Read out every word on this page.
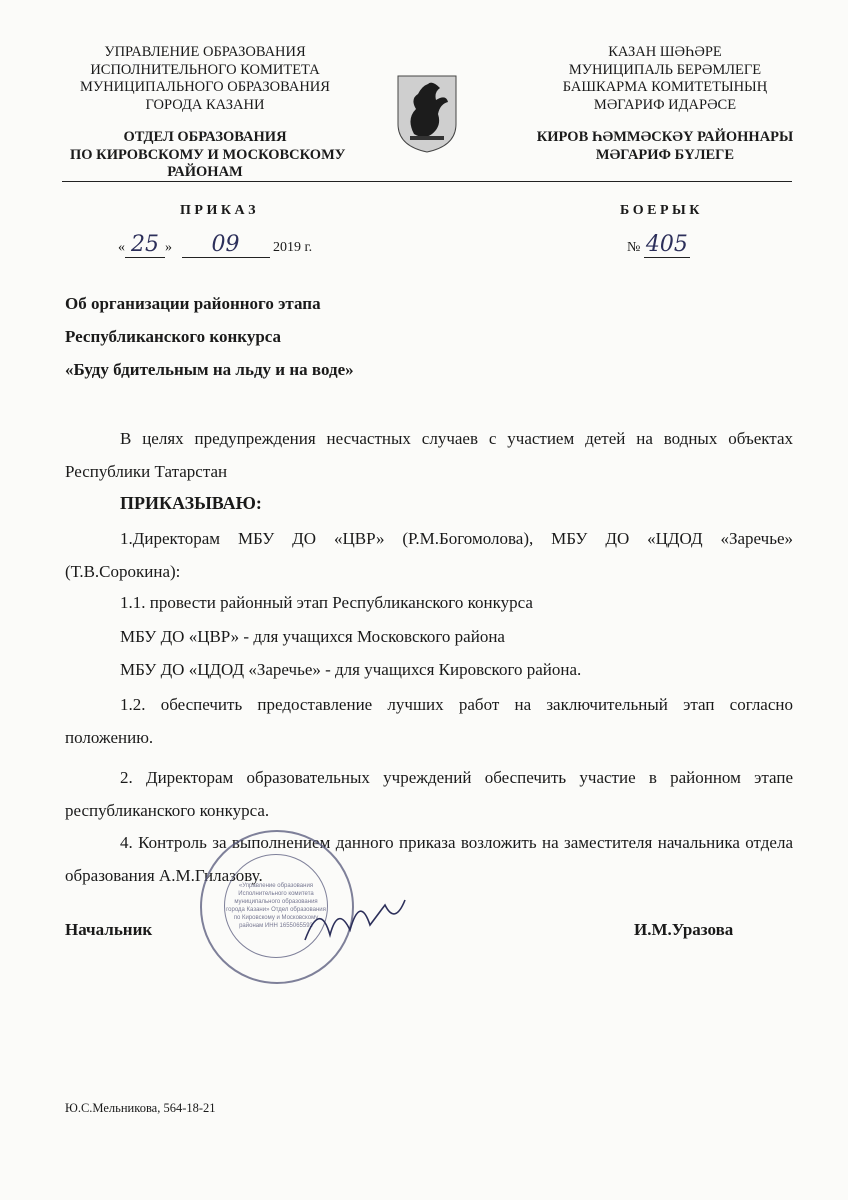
УПРАВЛЕНИЕ ОБРАЗОВАНИЯ
ИСПОЛНИТЕЛЬНОГО КОМИТЕТА
МУНИЦИПАЛЬНОГО ОБРАЗОВАНИЯ
ГОРОДА КАЗАНИ
ОТДЕЛ ОБРАЗОВАНИЯ
ПО КИРОВСКОМУ И МОСКОВСКОМУ
РАЙОНАМ
КАЗАН ШӘҺӘРЕ
МУНИЦИПАЛЬ БЕРӘМЛЕГЕ
БАШКАРМА КОМИТЕТЫНЫҢ
МӘГАРИФ ИДАРӘСЕ
КИРОВ ҺӘММӘСКӘҮ РАЙОННАРЫ
МӘГАРИФ БҮЛЕГЕ
П Р И К А З	Б О Е Р Ы К
« 25 » 09 2019 г.	№ 405
Об организации районного этапа
Республиканского конкурса
«Буду бдительным на льду и на воде»
В целях предупреждения несчастных случаев с участием детей на водных объектах Республики Татарстан
ПРИКАЗЫВАЮ:
1.Директорам МБУ ДО «ЦВР» (Р.М.Богомолова), МБУ ДО «ЦДОД «Заречье» (Т.В.Сорокина):
1.1. провести районный этап Республиканского конкурса
МБУ ДО «ЦВР» - для учащихся Московского района
МБУ ДО «ЦДОД «Заречье» - для учащихся Кировского района.
1.2. обеспечить предоставление лучших работ на заключительный этап согласно положению.
2. Директорам образовательных учреждений обеспечить участие в районном этапе республиканского конкурса.
4. Контроль за выполнением данного приказа возложить на заместителя начальника отдела образования А.М.Гилазову.
«Управление образования Исполнительного комитета муниципального образования города Казани» Отдел образования по Кировскому и Московскому районам ИНН 1655065593
Начальник	И.М.Уразова
Ю.С.Мельникова, 564-18-21
